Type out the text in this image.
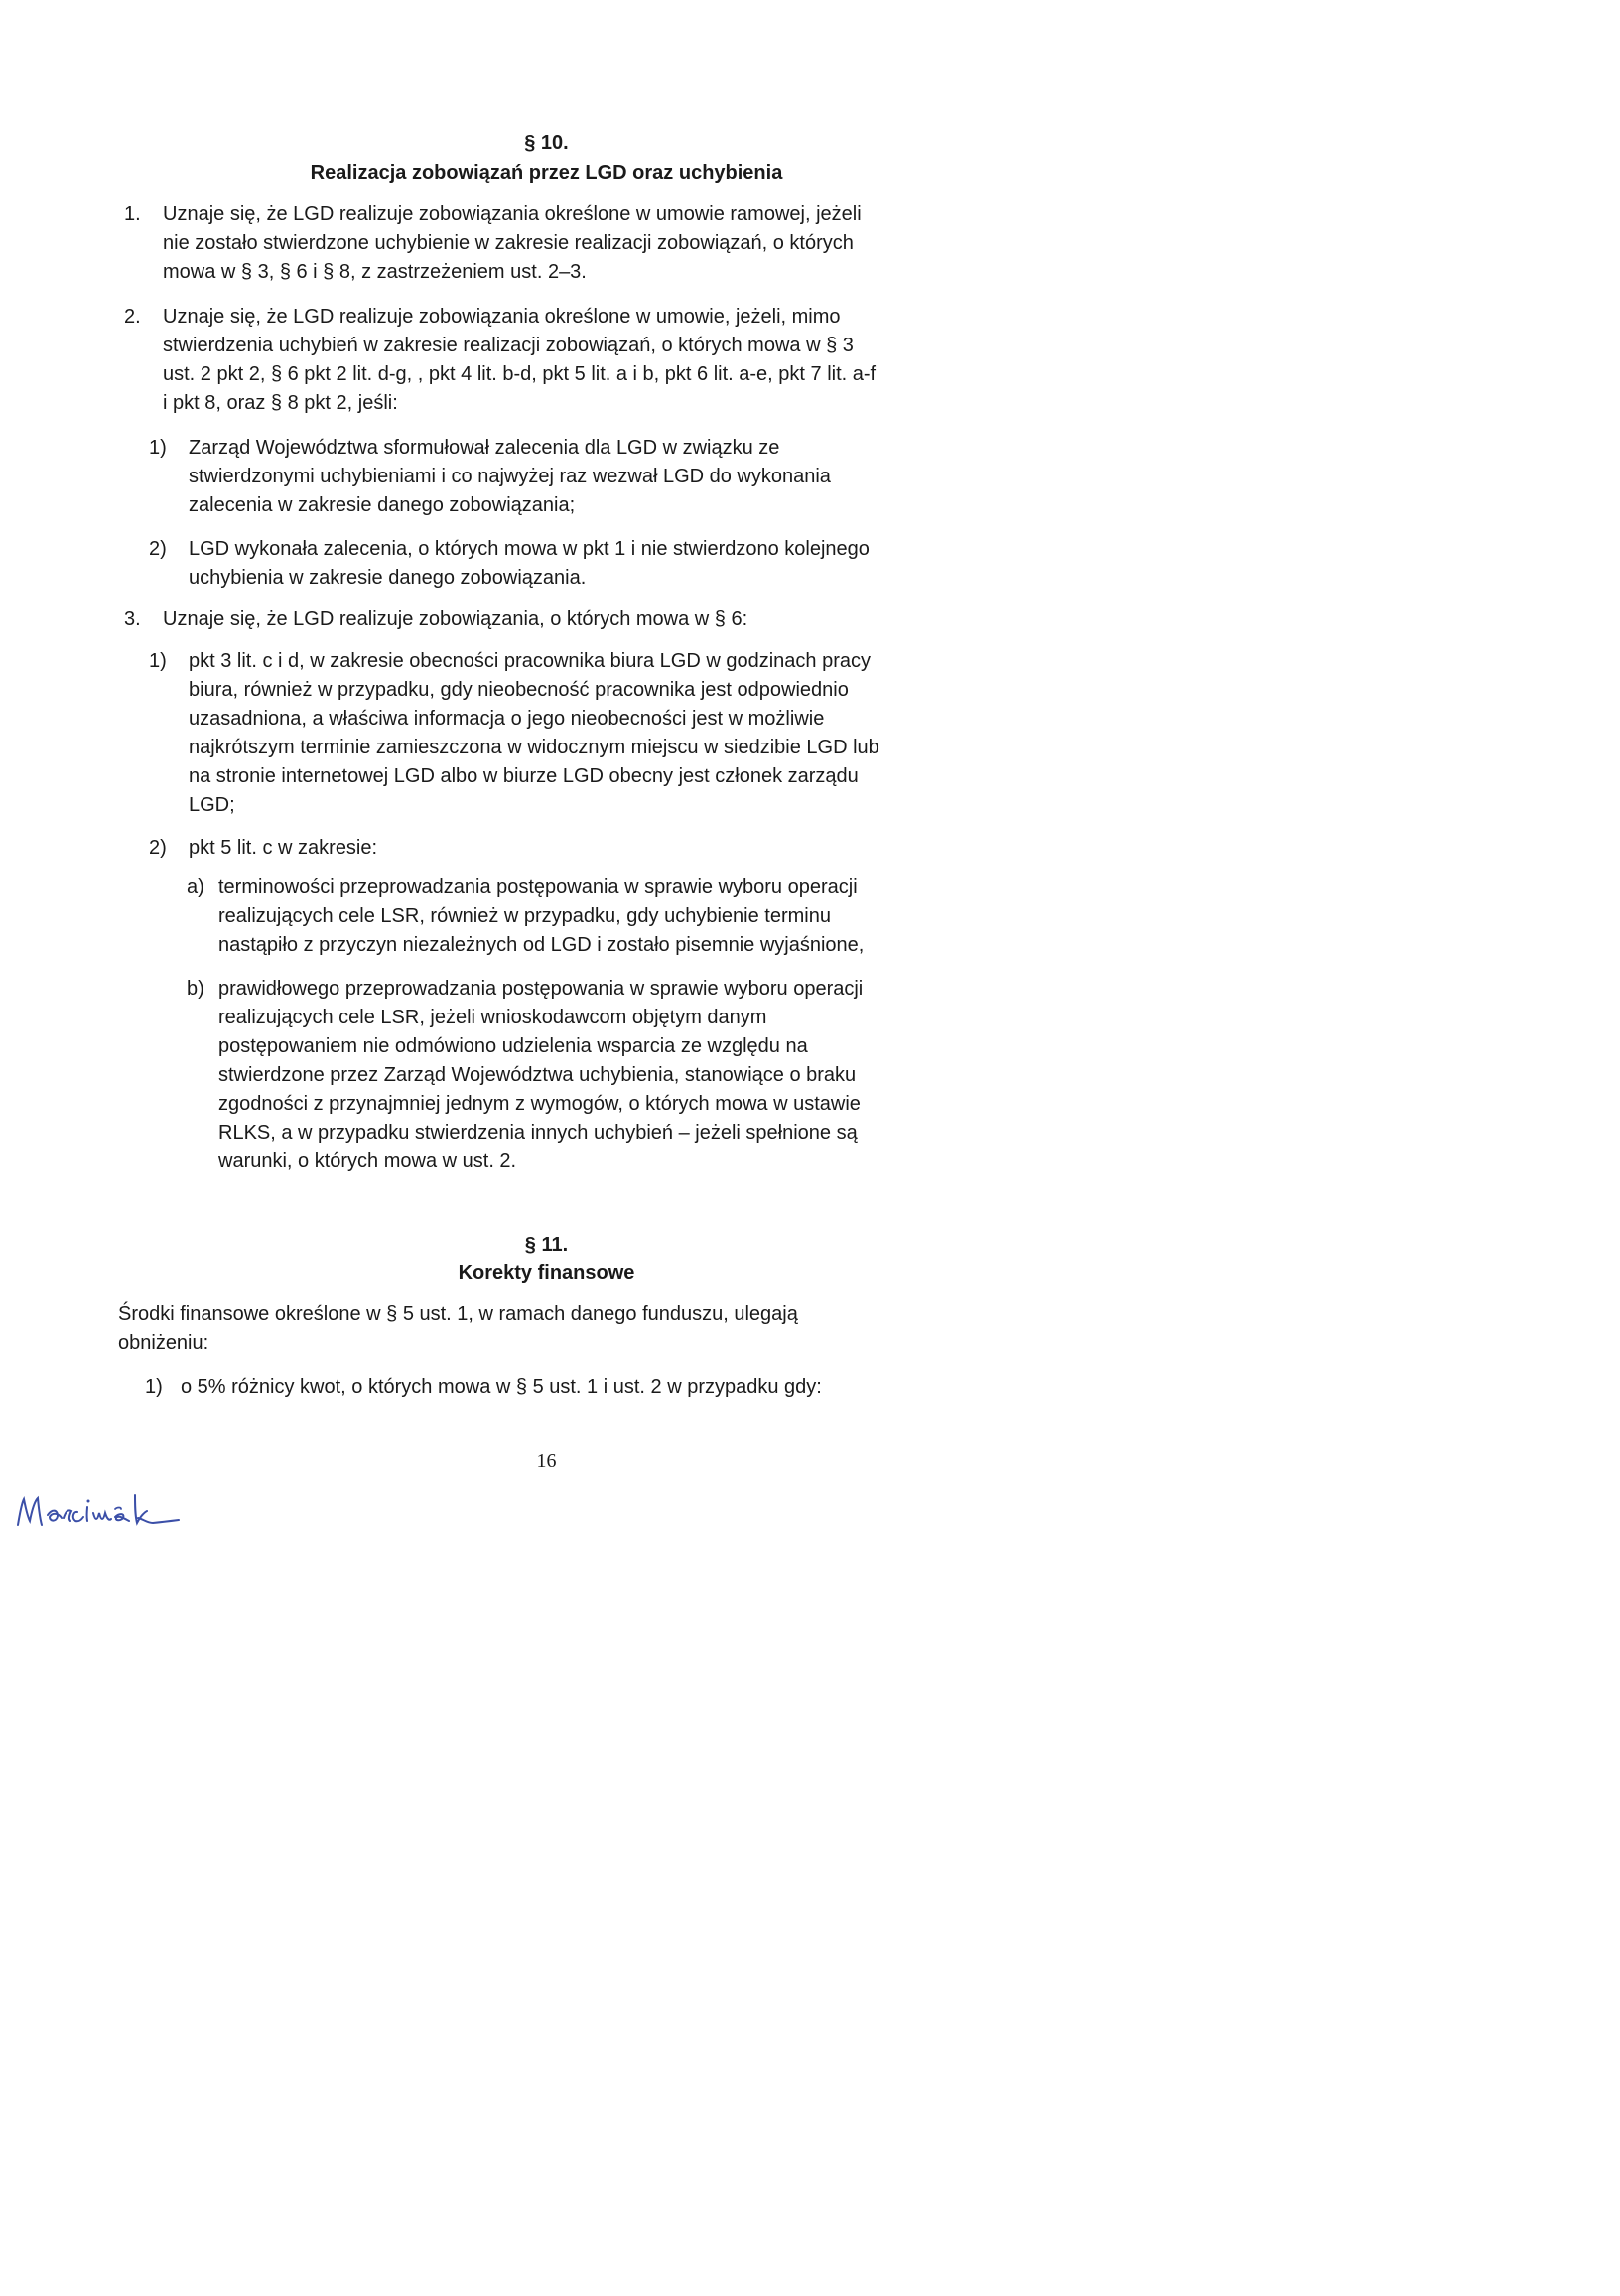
§ 10.
Realizacja zobowiązań przez LGD oraz uchybienia
1. Uznaje się, że LGD realizuje zobowiązania określone w umowie ramowej, jeżeli
nie zostało stwierdzone uchybienie w zakresie realizacji zobowiązań, o których
mowa w § 3, § 6 i § 8, z zastrzeżeniem ust. 2–3.
2. Uznaje się, że LGD realizuje zobowiązania określone w umowie, jeżeli, mimo
stwierdzenia uchybień w zakresie realizacji zobowiązań, o których mowa w § 3
ust. 2 pkt 2, § 6 pkt 2 lit. d-g, , pkt 4 lit. b-d, pkt 5 lit. a i b, pkt 6 lit. a-e, pkt 7 lit. a-f
i pkt 8, oraz § 8 pkt 2, jeśli:
1) Zarząd Województwa sformułował zalecenia dla LGD w związku ze
stwierdzonymi uchybieniami i co najwyżej raz wezwał LGD do wykonania
zalecenia w zakresie danego zobowiązania;
2) LGD wykonała zalecenia, o których mowa w pkt 1 i nie stwierdzono kolejnego
uchybienia w zakresie danego zobowiązania.
3. Uznaje się, że LGD realizuje zobowiązania, o których mowa w § 6:
1) pkt 3 lit. c i d, w zakresie obecności pracownika biura LGD w godzinach pracy
biura, również w przypadku, gdy nieobecność pracownika jest odpowiednio
uzasadniona, a właściwa informacja o jego nieobecności jest w możliwie
najkrótszym terminie zamieszczona w widocznym miejscu w siedzibie LGD lub
na stronie internetowej LGD albo w biurze LGD obecny jest członek zarządu
LGD;
2) pkt 5 lit. c w zakresie:
a) terminowości przeprowadzania postępowania w sprawie wyboru operacji
realizujących cele LSR, również w przypadku, gdy uchybienie terminu
nastąpiło z przyczyn niezależnych od LGD i zostało pisemnie wyjaśnione,
b) prawidłowego przeprowadzania postępowania w sprawie wyboru operacji
realizujących cele LSR, jeżeli wnioskodawcom objętym danym
postępowaniem nie odmówiono udzielenia wsparcia ze względu na
stwierdzone przez Zarząd Województwa uchybienia, stanowiące o braku
zgodności z przynajmniej jednym z wymogów, o których mowa w ustawie
RLKS, a w przypadku stwierdzenia innych uchybień – jeżeli spełnione są
warunki, o których mowa w ust. 2.
§ 11.
Korekty finansowe
Środki finansowe określone w § 5 ust. 1, w ramach danego funduszu, ulegają
obniżeniu:
1) o 5% różnicy kwot, o których mowa w § 5 ust. 1 i ust. 2 w przypadku gdy:
16
